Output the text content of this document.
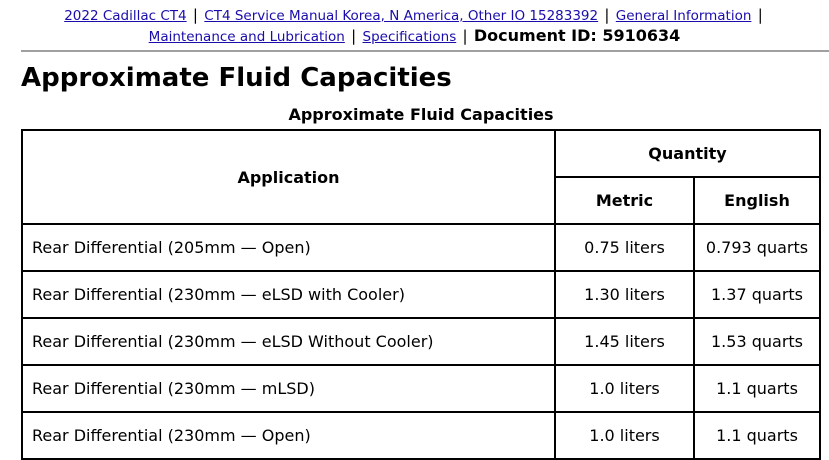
2022 Cadillac CT4 | CT4 Service Manual Korea, N America, Other IO 15283392 | General Information |
Maintenance and Lubrication | Specifications | Document ID: 5910634
Approximate Fluid Capacities
Approximate Fluid Capacities
Application	Quantity	
	Metric	English
Rear Differential (205mm — Open)	0.75 liters	0.793 quarts
Rear Differential (230mm — eLSD with Cooler)	1.30 liters	1.37 quarts
Rear Differential (230mm — eLSD Without Cooler)	1.45 liters	1.53 quarts
Rear Differential (230mm — mLSD)	1.0 liters	1.1 quarts
Rear Differential (230mm — Open)	1.0 liters	1.1 quarts
